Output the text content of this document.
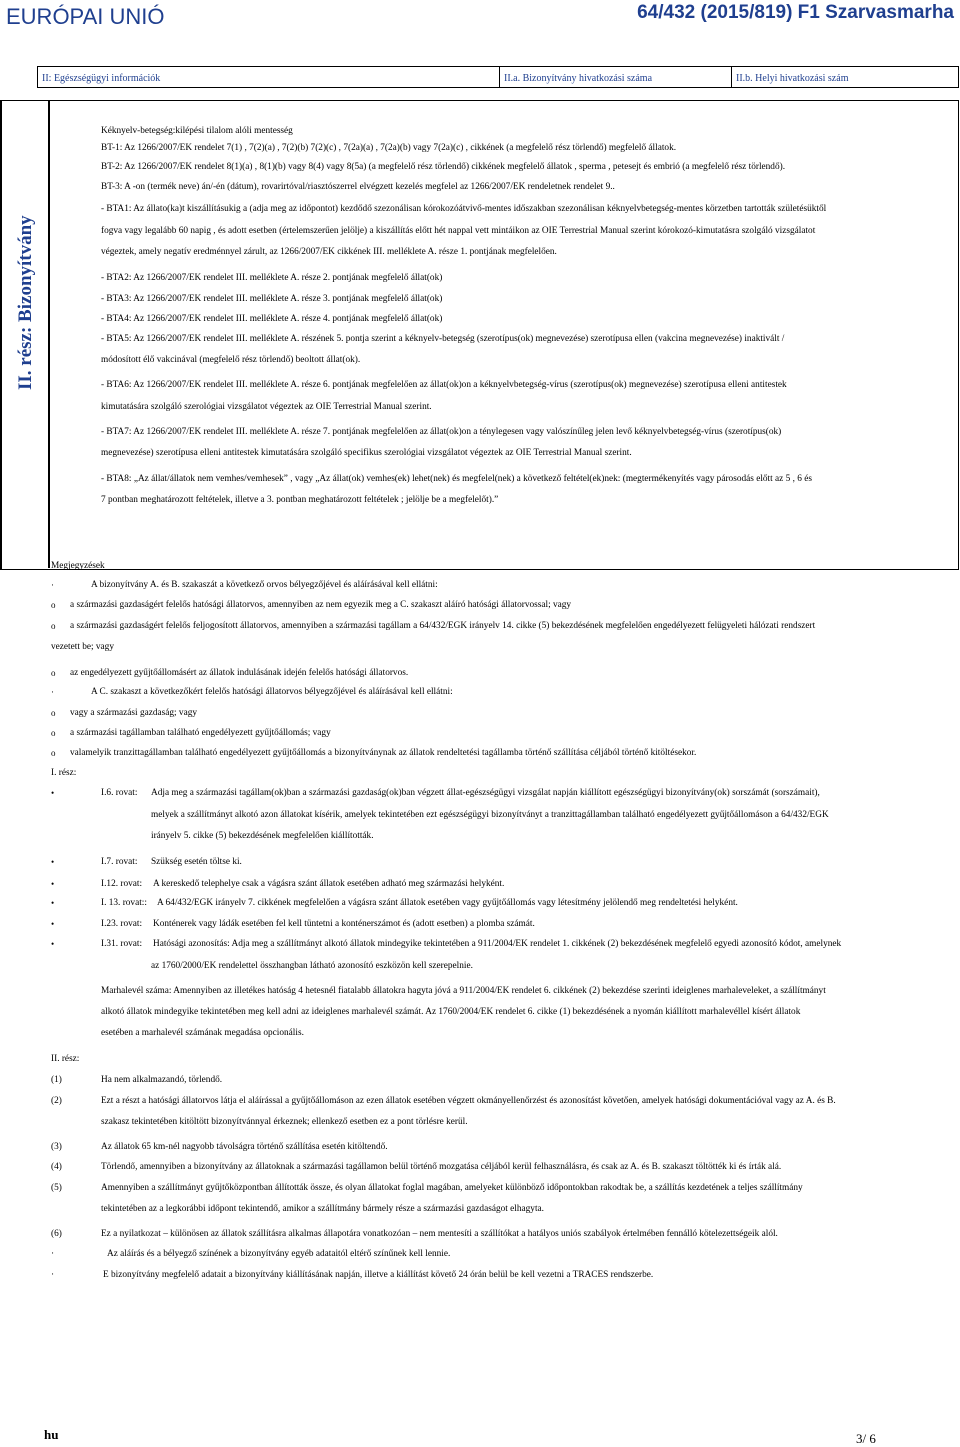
EURÓPAI UNIÓ	64/432 (2015/819) F1 Szarvasmarha
II: Egészségügyi információk	II.a. Bizonyítvány hivatkozási száma	II.b. Helyi hivatkozási szám
II. rész: Bizonyítvány
Kéknyelv-betegség:kilépési tilalom alóli mentesség
BT-1: Az 1266/2007/EK rendelet 7(1) , 7(2)(a) , 7(2)(b) 7(2)(c) , 7(2a)(a) , 7(2a)(b) vagy 7(2a)(c) , cikkének (a megfelelő rész törlendő) megfelelő állatok.
BT-2: Az 1266/2007/EK rendelet 8(1)(a) , 8(1)(b) vagy 8(4) vagy 8(5a) (a megfelelő rész törlendő) cikkének megfelelő állatok , sperma , petesejt és embrió (a megfelelő rész törlendő).
BT-3: A -on (termék neve) án/-én (dátum), rovarirtóval/riasztószerrel elvégzett kezelés megfelel az 1266/2007/EK rendeletnek rendelet 9..
- BTA1: Az állato(ka)t kiszállításukig a (adja meg az időpontot) kezdődő szezonálisan kórokozóátvivő-mentes időszakban szezonálisan kéknyelvbetegség-mentes körzetben tartották születésüktől
fogva vagy legalább 60 napig , és adott esetben (értelemszerűen jelölje) a kiszállítás előtt hét nappal vett mintáikon az OIE Terrestrial Manual szerint kórokozó-kimutatásra szolgáló vizsgálatot
végeztek, amely negatív eredménnyel zárult, az 1266/2007/EK cikkének III. melléklete A. része 1. pontjának megfelelően.
- BTA2: Az 1266/2007/EK rendelet III. melléklete A. része 2. pontjának megfelelő állat(ok)
- BTA3: Az 1266/2007/EK rendelet III. melléklete A. része 3. pontjának megfelelő állat(ok)
- BTA4: Az 1266/2007/EK rendelet III. melléklete A. része 4. pontjának megfelelő állat(ok)
- BTA5: Az 1266/2007/EK rendelet III. melléklete A. részének 5. pontja szerint a kéknyelv-betegség (szerotípus(ok) megnevezése) szerotípusa ellen (vakcina megnevezése) inaktivált /
módosított élő vakcinával (megfelelő rész törlendő) beoltott állat(ok).
- BTA6: Az 1266/2007/EK rendelet III. melléklete A. része 6. pontjának megfelelően az állat(ok)on a kéknyelvbetegség-vírus (szerotípus(ok) megnevezése) szerotípusa elleni antitestek
kimutatására szolgáló szerológiai vizsgálatot végeztek az OIE Terrestrial Manual szerint.
- BTA7: Az 1266/2007/EK rendelet III. melléklete A. része 7. pontjának megfelelően az állat(ok)on a ténylegesen vagy valószínűleg jelen levő kéknyelvbetegség-vírus (szerotípus(ok)
megnevezése) szerotípusa elleni antitestek kimutatására szolgáló specifikus szerológiai vizsgálatot végeztek az OIE Terrestrial Manual szerint.
- BTA8: „Az állat/állatok nem vemhes/vemhesek” , vagy „Az állat(ok) vemhes(ek) lehet(nek) és megfelel(nek) a következő feltétel(ek)nek: (megtermékenyítés vagy párosodás előtt az 5 , 6 és
7 pontban meghatározott feltételek, illetve a 3. pontban meghatározott feltételek ; jelölje be a megfelelőt).”
Megjegyzések
·	A bizonyítvány A. és B. szakaszát a következő orvos bélyegzőjével és aláírásával kell ellátni:
o a származási gazdaságért felelős hatósági állatorvos, amennyiben az nem egyezik meg a C. szakaszt aláíró hatósági állatorvossal; vagy
o a származási gazdaságért felelős feljogosított állatorvos, amennyiben a származási tagállam a 64/432/EGK irányelv 14. cikke (5) bekezdésének megfelelően engedélyezett felügyeleti hálózati rendszert
vezetett be; vagy
o az engedélyezett gyűjtőállomásért az állatok indulásának idején felelős hatósági állatorvos.
·	A C. szakaszt a következőkért felelős hatósági állatorvos bélyegzőjével és aláírásával kell ellátni:
o vagy a származási gazdaság; vagy
o a származási tagállamban található engedélyezett gyűjtőállomás; vagy
o valamelyik tranzittagállamban található engedélyezett gyűjtőállomás a bizonyítványnak az állatok rendeltetési tagállamba történő szállítása céljából történő kitöltésekor.
I. rész:
•	I.6. rovat: Adja meg a származási tagállam(ok)ban a származási gazdaság(ok)ban végzett állat-egészségügyi vizsgálat napján kiállított egészségügyi bizonyítvány(ok) sorszámát (sorszámait),
melyek a szállítmányt alkotó azon állatokat kísérik, amelyek tekintetében ezt egészségügyi bizonyítványt a tranzittagállamban található engedélyezett gyűjtőállomáson a 64/432/EGK
irányelv 5. cikke (5) bekezdésének megfelelően kiállították.
•	I.7. rovat: Szükség esetén töltse ki.
•	I.12. rovat: A kereskedő telephelye csak a vágásra szánt állatok esetében adható meg származási helyként.
•	I. 13. rovat:: A 64/432/EGK irányelv 7. cikkének megfelelően a vágásra szánt állatok esetében vagy gyűjtőállomás vagy létesítmény jelölendő meg rendeltetési helyként.
•	I.23. rovat: Konténerek vagy ládák esetében fel kell tüntetni a konténerszámot és (adott esetben) a plomba számát.
•	I.31. rovat: Hatósági azonosítás: Adja meg a szállítmányt alkotó állatok mindegyike tekintetében a 911/2004/EK rendelet 1. cikkének (2) bekezdésének megfelelő egyedi azonosító kódot, amelynek
az 1760/2000/EK rendelettel összhangban látható azonosító eszközön kell szerepelnie.
Marhalevél száma: Amennyiben az illetékes hatóság 4 hetesnél fiatalabb állatokra hagyta jóvá a 911/2004/EK rendelet 6. cikkének (2) bekezdése szerinti ideiglenes marhaleveleket, a szállítmányt
alkotó állatok mindegyike tekintetében meg kell adni az ideiglenes marhalevél számát. Az 1760/2004/EK rendelet 6. cikke (1) bekezdésének a nyomán kiállított marhalevéllel kísért állatok
esetében a marhalevél számának megadása opcionális.
II. rész:
(1)	Ha nem alkalmazandó, törlendő.
(2)	Ezt a részt a hatósági állatorvos látja el aláírással a gyűjtőállomáson az ezen állatok esetében végzett okmányellenőrzést és azonosítást követően, amelyek hatósági dokumentációval vagy az A. és B.
szakasz tekintetében kitöltött bizonyítvánnyal érkeznek; ellenkező esetben ez a pont törlésre kerül.
(3)	Az állatok 65 km-nél nagyobb távolságra történő szállítása esetén kitöltendő.
(4)	Törlendő, amennyiben a bizonyítvány az állatoknak a származási tagállamon belül történő mozgatása céljából kerül felhasználásra, és csak az A. és B. szakaszt töltötték ki és írták alá.
(5)	Amennyiben a szállítmányt gyűjtőközpontban állították össze, és olyan állatokat foglal magában, amelyeket különböző időpontokban rakodtak be, a szállítás kezdetének a teljes szállítmány
tekintetében az a legkorábbi időpont tekintendő, amikor a szállítmány bármely része a származási gazdaságot elhagyta.
(6)	Ez a nyilatkozat – különösen az állatok szállításra alkalmas állapotára vonatkozóan – nem mentesíti a szállítókat a hatályos uniós szabályok értelmében fennálló kötelezettségeik alól.
·	Az aláírás és a bélyegző színének a bizonyítvány egyéb adataitól eltérő színűnek kell lennie.
·	E bizonyítvány megfelelő adatait a bizonyítvány kiállításának napján, illetve a kiállítást követő 24 órán belül be kell vezetni a TRACES rendszerbe.
hu	3/ 6
